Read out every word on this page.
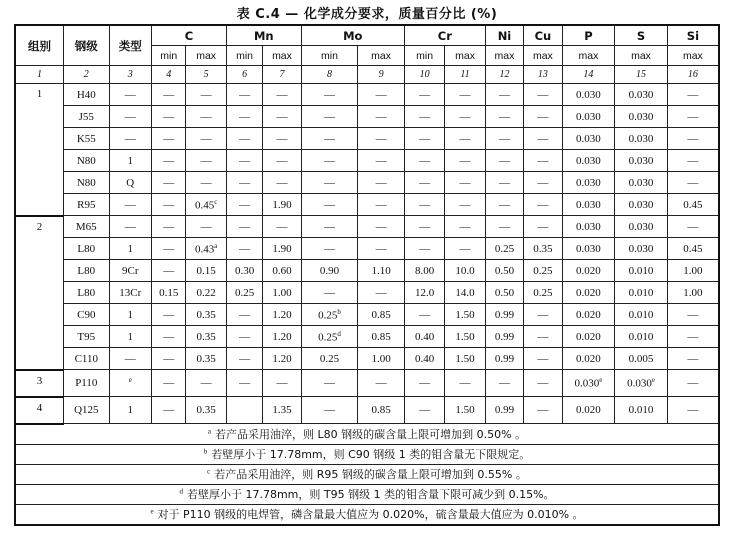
表 C.4 — 化学成分要求，质量百分比 (%)
组别	钢级	类型	C		Mn		Mo		Cr		Ni	Cu	P	S	Si
			min	max	min	max	min	max	min	max	max	max	max	max	max
1	2	3	4	5	6	7	8	9	10	11	12	13	14	15	16
1	H40	—	—	—	—	—	—	—	—	—	—	—	0.030	0.030	—
	J55	—	—	—	—	—	—	—	—	—	—	—	0.030	0.030	—
	K55	—	—	—	—	—	—	—	—	—	—	—	0.030	0.030	—
	N80	1	—	—	—	—	—	—	—	—	—	—	0.030	0.030	—
	N80	Q	—	—	—	—	—	—	—	—	—	—	0.030	0.030	—
	R95	—	—	0.45$^c$	—	1.90	—	—	—	—	—	—	0.030	0.030	0.45
2	M65	—	—	—	—	—	—	—	—	—	—	—	0.030	0.030	—
	L80	1	—	0.43$^a$	—	1.90	—	—	—	—	0.25	0.35	0.030	0.030	0.45
	L80	9Cr	—	0.15	0.30	0.60	0.90	1.10	8.00	10.0	0.50	0.25	0.020	0.010	1.00
	L80	13Cr	0.15	0.22	0.25	1.00	—	—	12.0	14.0	0.50	0.25	0.020	0.010	1.00
	C90	1	—	0.35	—	1.20	0.25$^b$	0.85	—	1.50	0.99	—	0.020	0.010	—
	T95	1	—	0.35	—	1.20	0.25$^d$	0.85	0.40	1.50	0.99	—	0.020	0.010	—
	C110	—	—	0.35	—	1.20	0.25	1.00	0.40	1.50	0.99	—	0.020	0.005	—
3	P110	$^e$	—	—	—	—	—	—	—	—	—	—	0.030e	0.030e	—
4	Q125	1	—	0.35		1.35	—	0.85	—	1.50	0.99	—	0.020	0.010	—
$^a$ 若产品采用油淬，则 L80 钢级的碳含量上限可增加到 0.50% 。															
$^b$ 若壁厚小于 17.78mm，则 C90 钢级 1 类的钼含量无下限规定。															
$^c$ 若产品采用油淬，则 R95 钢级的碳含量上限可增加到 0.55% 。															
$^d$ 若壁厚小于 17.78mm，则 T95 钢级 1 类的钼含量下限可减少到 0.15%。															
$^e$ 对于 P110 钢级的电焊管，磷含量最大值应为 0.020%，硫含量最大值应为 0.010% 。															
